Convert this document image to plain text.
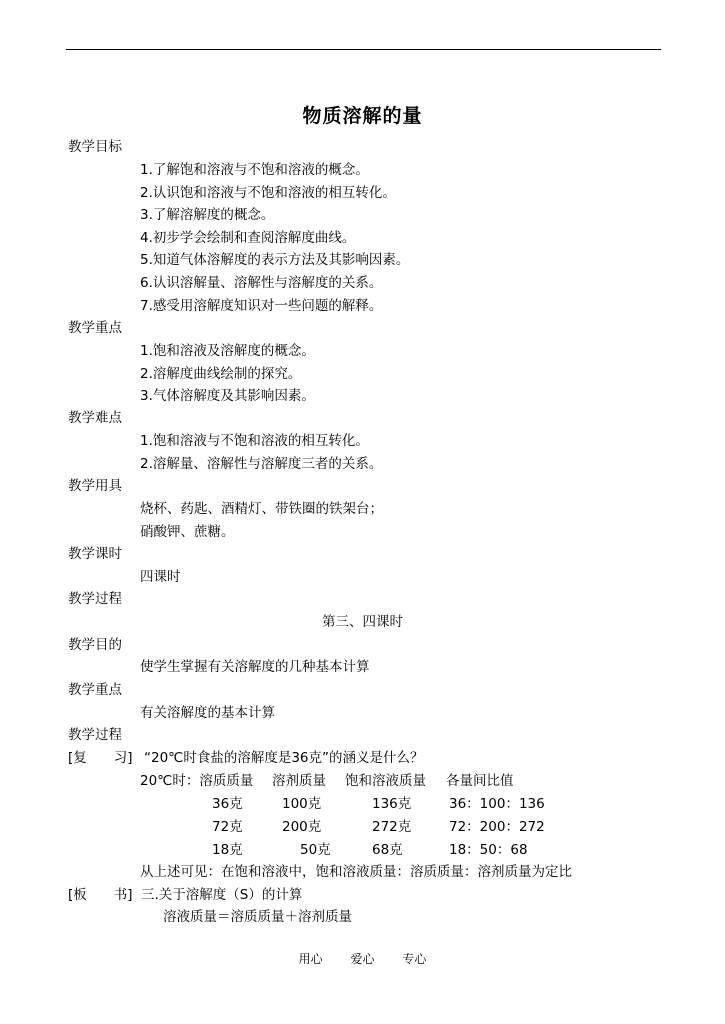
物质溶解的量
教学目标
1.了解饱和溶液与不饱和溶液的概念。
2.认识饱和溶液与不饱和溶液的相互转化。
3.了解溶解度的概念。
4.初步学会绘制和查阅溶解度曲线。
5.知道气体溶解度的表示方法及其影响因素。
6.认识溶解量、溶解性与溶解度的关系。
7.感受用溶解度知识对一些问题的解释。
教学重点
1.饱和溶液及溶解度的概念。
2.溶解度曲线绘制的探究。
3.气体溶解度及其影响因素。
教学难点
1.饱和溶液与不饱和溶液的相互转化。
2.溶解量、溶解性与溶解度三者的关系。
教学用具
烧杯、药匙、酒精灯、带铁圈的铁架台；
硝酸钾、蔗糖。
教学课时
四课时
教学过程
第三、四课时
教学目的
使学生掌握有关溶解度的几种基本计算
教学重点
有关溶解度的基本计算
教学过程
[复　　习] “20℃时食盐的溶解度是36克”的涵义是什么？
20℃时：溶质质量 溶剂质量 饱和溶液质量 各量间比值
36克	100克	136克	36：100：136
72克	200克	272克	72：200：272
18克	50克	68克	18：50：68
从上述可见：在饱和溶液中，饱和溶液质量：溶质质量：溶剂质量为定比
[板　　书] 三.关于溶解度（S）的计算
溶液质量＝溶质质量＋溶剂质量
用心 爱心 专心
